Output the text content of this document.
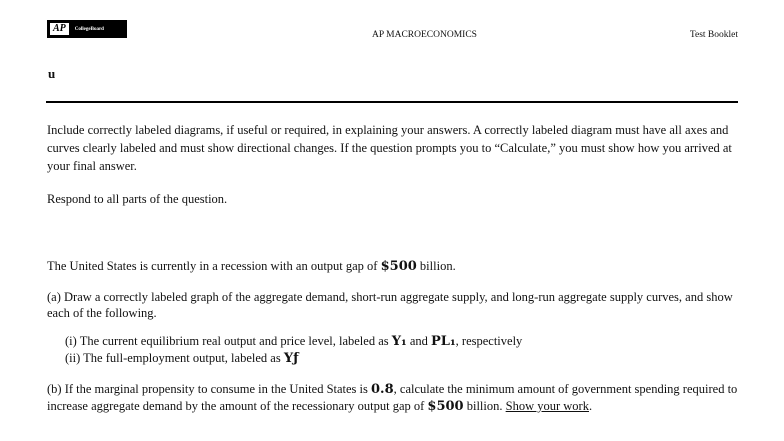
AP	CollegeBoard
AP MACROECONOMICS	Test Booklet
u

Include correctly labeled diagrams, if useful or required, in explaining your answers. A correctly labeled diagram must have all axes and curves clearly labeled and must show directional changes. If the question prompts you to “Calculate,” you must show how you arrived at your final answer.

Respond to all parts of the question.

The United States is currently in a recession with an output gap of $500 billion.

(a) Draw a correctly labeled graph of the aggregate demand, short-run aggregate supply, and long-run aggregate supply curves, and show each of the following.

(i) The current equilibrium real output and price level, labeled as Y₁ and PL₁, respectively

(ii) The full-employment output, labeled as Yƒ

(b) If the marginal propensity to consume in the United States is 0.8, calculate the minimum amount of government spending required to increase aggregate demand by the amount of the recessionary output gap of $500 billion. Show your work.
